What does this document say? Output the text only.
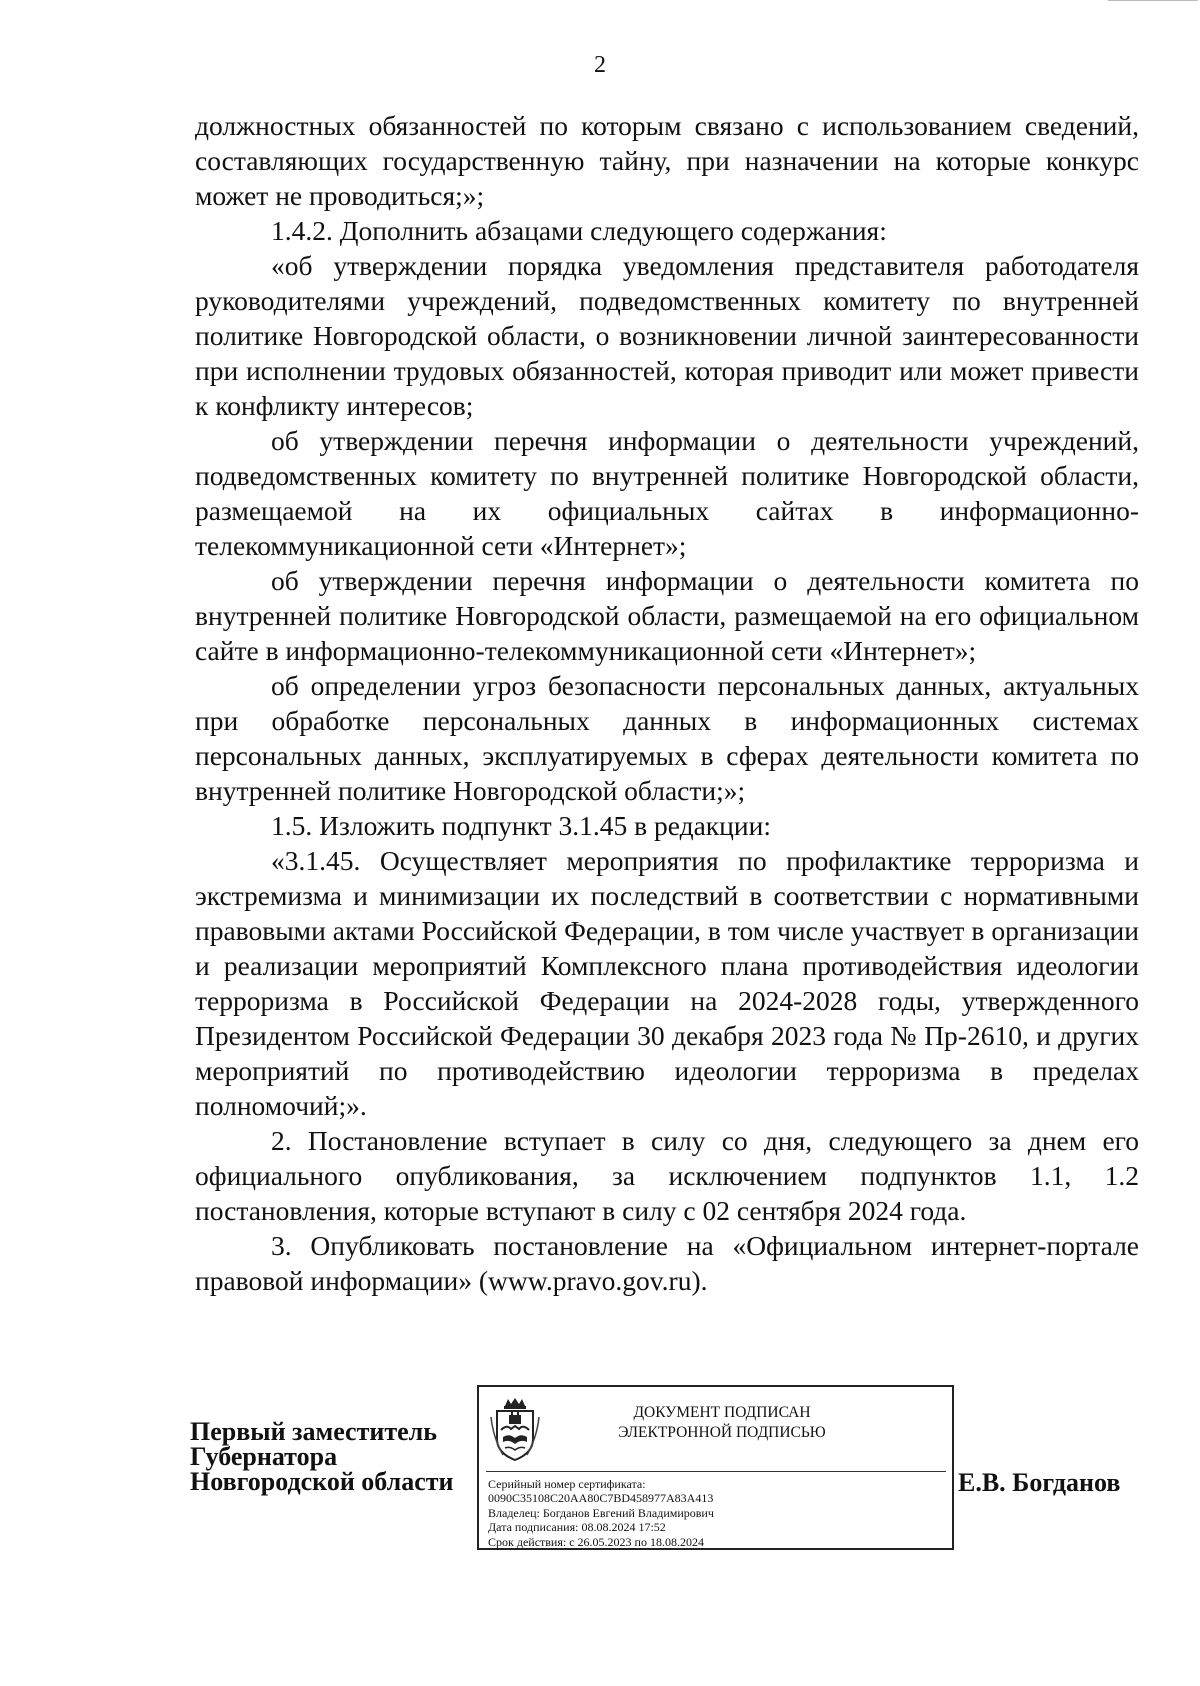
2

должностных обязанностей по которым связано с использованием сведений, составляющих государственную тайну, при назначении на которые конкурс может не проводиться;»;

1.4.2. Дополнить абзацами следующего содержания:

«об утверждении порядка уведомления представителя работодателя руководителями учреждений, подведомственных комитету по внутренней политике Новгородской области, о возникновении личной заинтересованности при исполнении трудовых обязанностей, которая приводит или может привести к конфликту интересов;

об утверждении перечня информации о деятельности учреждений, подведомственных комитету по внутренней политике Новгородской области, размещаемой на их официальных сайтах в информационно-телекоммуникационной сети «Интернет»;

об утверждении перечня информации о деятельности комитета по внутренней политике Новгородской области, размещаемой на его официальном сайте в информационно-телекоммуникационной сети «Интернет»;

об определении угроз безопасности персональных данных, актуальных при обработке персональных данных в информационных системах персональных данных, эксплуатируемых в сферах деятельности комитета по внутренней политике Новгородской области;»;

1.5. Изложить подпункт 3.1.45 в редакции:

«3.1.45. Осуществляет мероприятия по профилактике терроризма и экстремизма и минимизации их последствий в соответствии с нормативными правовыми актами Российской Федерации, в том числе участвует в организации и реализации мероприятий Комплексного плана противодействия идеологии терроризма в Российской Федерации на 2024-2028 годы, утвержденного Президентом Российской Федерации 30 декабря 2023 года № Пр-2610, и других мероприятий по противодействию идеологии терроризма в пределах полномочий;».

2. Постановление вступает в силу со дня, следующего за днем его официального опубликования, за исключением подпунктов 1.1, 1.2 постановления, которые вступают в силу с 02 сентября 2024 года.

3. Опубликовать постановление на «Официальном интернет-портале правовой информации» (www.pravo.gov.ru).

Первый заместитель
Губернатора
Новгородской области
ДОКУМЕНТ ПОДПИСАН
ЭЛЕКТРОННОЙ ПОДПИСЬЮ
Серийный номер сертификата:
0090C35108C20AA80C7BD458977A83A413
Владелец: Богданов Евгений Владимирович
Дата подписания: 08.08.2024 17:52
Срок действия: с 26.05.2023 по 18.08.2024
Е.В. Богданов
